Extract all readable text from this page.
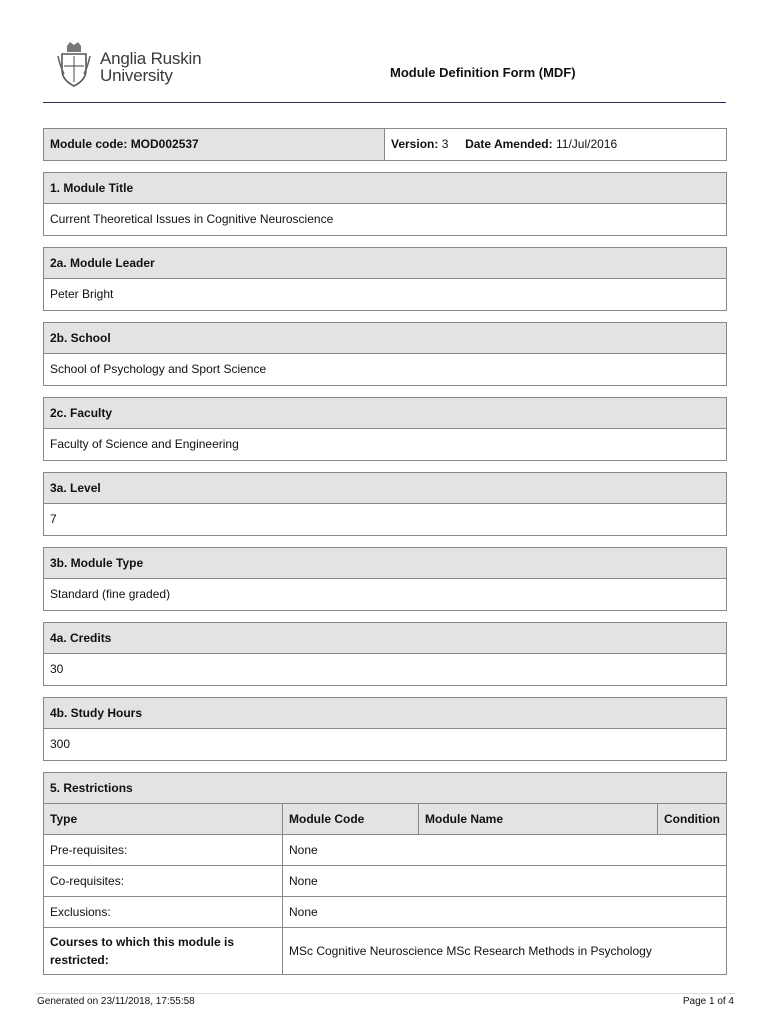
Anglia Ruskin
University	Module Definition Form (MDF)
Module code: MOD002537	Version: 3 Date Amended: 11/Jul/2016
1. Module Title
Current Theoretical Issues in Cognitive Neuroscience
2a. Module Leader
Peter Bright
2b. School
School of Psychology and Sport Science
2c. Faculty
Faculty of Science and Engineering
3a. Level
7
3b. Module Type
Standard (fine graded)
4a. Credits
30
4b. Study Hours
300
5. Restrictions
Type	Module Code	Module Name	Condition
Pre-requisites:	None		
Co-requisites:	None		
Exclusions:	None		
Courses to which this module is restricted:	MSc Cognitive Neuroscience MSc Research Methods in Psychology		
Generated on 23/11/2018, 17:55:58	Page 1 of 4
